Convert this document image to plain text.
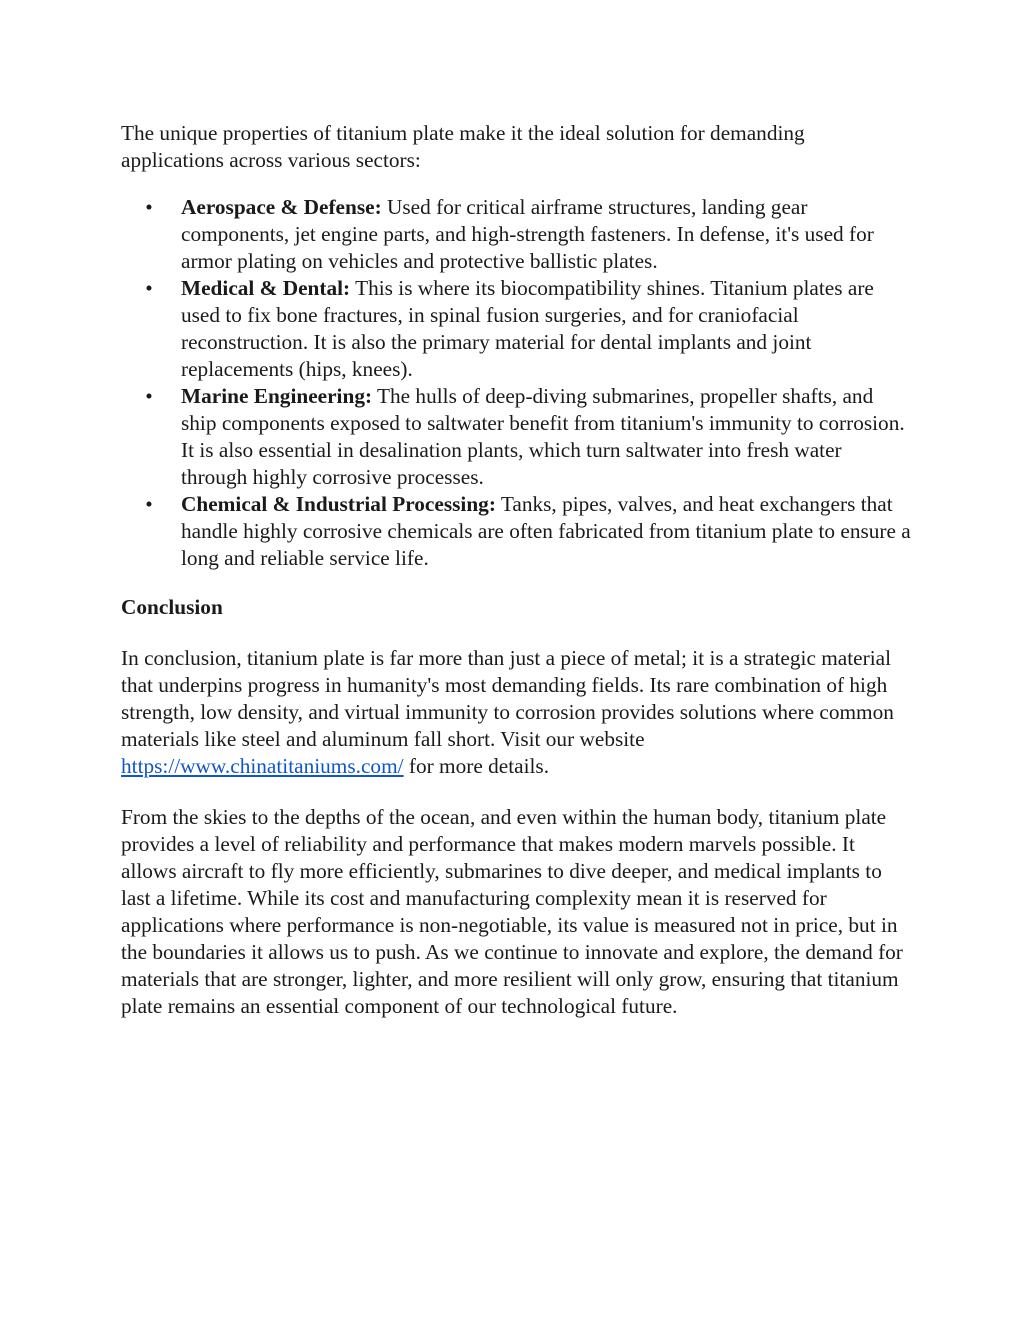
The unique properties of titanium plate make it the ideal solution for demanding applications across various sectors:

• Aerospace & Defense: Used for critical airframe structures, landing gear components, jet engine parts, and high-strength fasteners. In defense, it's used for armor plating on vehicles and protective ballistic plates.
• Medical & Dental: This is where its biocompatibility shines. Titanium plates are used to fix bone fractures, in spinal fusion surgeries, and for craniofacial reconstruction. It is also the primary material for dental implants and joint replacements (hips, knees).
• Marine Engineering: The hulls of deep-diving submarines, propeller shafts, and ship components exposed to saltwater benefit from titanium's immunity to corrosion. It is also essential in desalination plants, which turn saltwater into fresh water through highly corrosive processes.
• Chemical & Industrial Processing: Tanks, pipes, valves, and heat exchangers that handle highly corrosive chemicals are often fabricated from titanium plate to ensure a long and reliable service life.
Conclusion

In conclusion, titanium plate is far more than just a piece of metal; it is a strategic material that underpins progress in humanity's most demanding fields. Its rare combination of high strength, low density, and virtual immunity to corrosion provides solutions where common materials like steel and aluminum fall short. Visit our website https://www.chinatitaniums.com/ for more details.

From the skies to the depths of the ocean, and even within the human body, titanium plate provides a level of reliability and performance that makes modern marvels possible. It allows aircraft to fly more efficiently, submarines to dive deeper, and medical implants to last a lifetime. While its cost and manufacturing complexity mean it is reserved for applications where performance is non-negotiable, its value is measured not in price, but in the boundaries it allows us to push. As we continue to innovate and explore, the demand for materials that are stronger, lighter, and more resilient will only grow, ensuring that titanium plate remains an essential component of our technological future.
